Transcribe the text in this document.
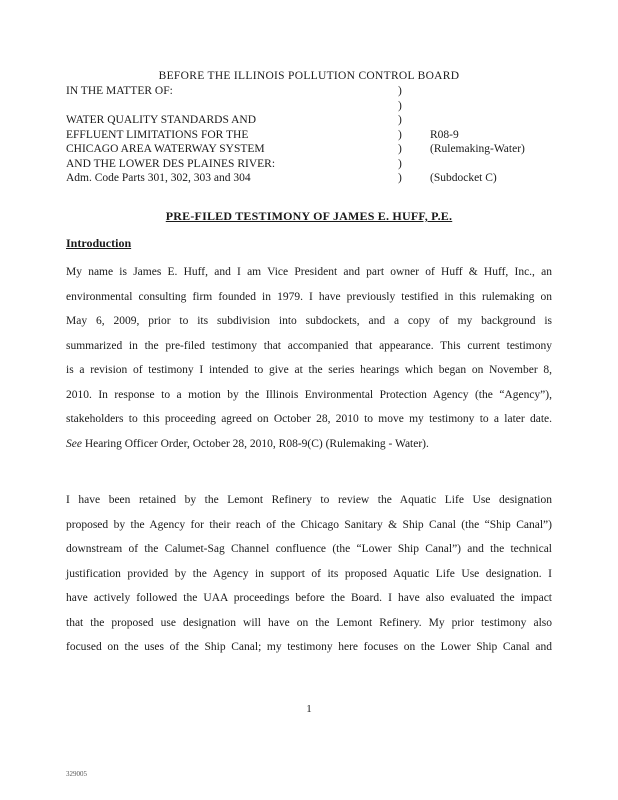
BEFORE THE ILLINOIS POLLUTION CONTROL BOARD
IN THE MATTER OF:
WATER QUALITY STANDARDS AND
EFFLUENT LIMITATIONS FOR THE
CHICAGO AREA WATERWAY SYSTEM
AND THE LOWER DES PLAINES RIVER:
Adm. Code Parts 301, 302, 303 and 304
)
)
)
)
)
)
)
R08-9
(Rulemaking-Water)
(Subdocket C)
PRE-FILED TESTIMONY OF JAMES E. HUFF, P.E.
Introduction
My name is James E. Huff, and I am Vice President and part owner of Huff & Huff, Inc., an
environmental consulting firm founded in 1979. I have previously testified in this rulemaking on
May 6, 2009, prior to its subdivision into subdockets, and a copy of my background is
summarized in the pre-filed testimony that accompanied that appearance. This current testimony
is a revision of testimony I intended to give at the series hearings which began on November 8,
2010. In response to a motion by the Illinois Environmental Protection Agency (the “Agency”),
stakeholders to this proceeding agreed on October 28, 2010 to move my testimony to a later date.
See Hearing Officer Order, October 28, 2010, R08-9(C) (Rulemaking - Water).
I have been retained by the Lemont Refinery to review the Aquatic Life Use designation
proposed by the Agency for their reach of the Chicago Sanitary & Ship Canal (the “Ship Canal”)
downstream of the Calumet-Sag Channel confluence (the “Lower Ship Canal”) and the technical
justification provided by the Agency in support of its proposed Aquatic Life Use designation. I
have actively followed the UAA proceedings before the Board. I have also evaluated the impact
that the proposed use designation will have on the Lemont Refinery. My prior testimony also
focused on the uses of the Ship Canal; my testimony here focuses on the Lower Ship Canal and
1
329005
